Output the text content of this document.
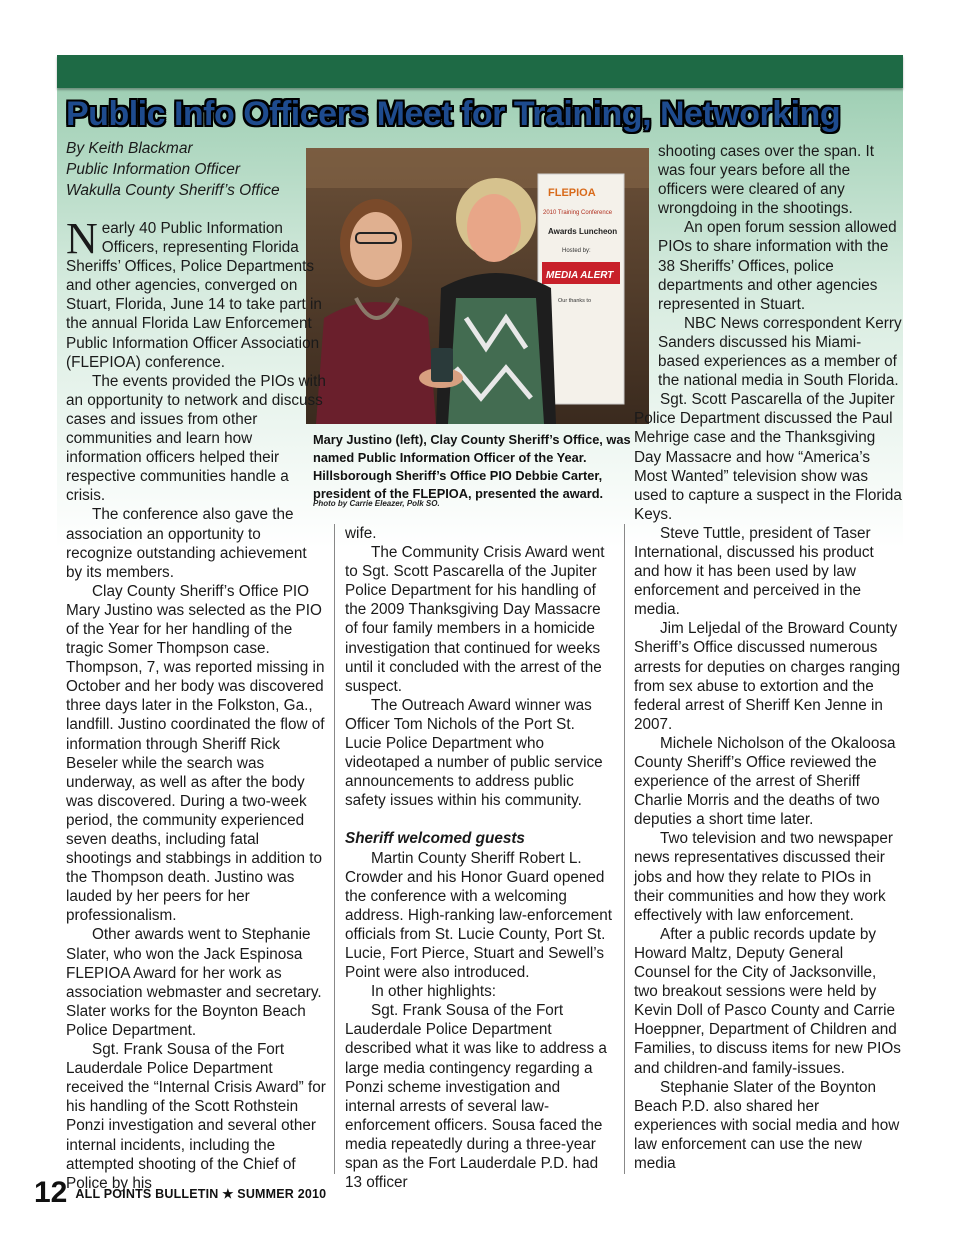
Public Info Officers Meet for Training, Networking
By Keith Blackmar
Public Information Officer
Wakulla County Sheriff’s Office	FLEPIOA
2010 Training Conference
Awards Luncheon
Hosted by:
MEDIA ALERT
Our thanks to
Mary Justino (left), Clay County Sheriff’s Office, was named Public Information Officer of the Year. Hillsborough Sheriff’s Office PIO Debbie Carter, president of the FLEPIOA, presented the award.
Photo by Carrie Eleazer, Polk SO.

Nearly 40 Public Information Officers, representing Florida Sheriffs’ Offices, Police Departments and other agencies, converged on Stuart, Florida, June 14 to take part in the annual Florida Law Enforcement Public Information Officer Association (FLEPIOA) conference.

The events provided the PIOs with an opportunity to network and discuss cases and issues from other communities and learn how information officers helped their respective communities handle a crisis.

The conference also gave the association an opportunity to recognize outstanding achievement by its members.

Clay County Sheriff’s Office PIO Mary Justino was selected as the PIO of the Year for her handling of the tragic Somer Thompson case. Thompson, 7, was reported missing in October and her body was discovered three days later in the Folkston, Ga., landfill. Justino coordinated the flow of information through Sheriff Rick Beseler while the search was underway, as well as after the body was discovered. During a two-week period, the community experienced seven deaths, including fatal shootings and stabbings in addition to the Thompson death. Justino was lauded by her peers for her professionalism.

Other awards went to Stephanie Slater, who won the Jack Espinosa FLEPIOA Award for her work as association webmaster and secretary. Slater works for the Boynton Beach Police Department.

Sgt. Frank Sousa of the Fort Lauderdale Police Department received the “Internal Crisis Award” for his handling of the Scott Rothstein Ponzi investigation and several other internal incidents, including the attempted shooting of the Chief of Police by his

wife.

The Community Crisis Award went to Sgt. Scott Pascarella of the Jupiter Police Department for his handling of the 2009 Thanksgiving Day Massacre of four family members in a homicide investigation that continued for weeks until it concluded with the arrest of the suspect.

The Outreach Award winner was Officer Tom Nichols of the Port St. Lucie Police Department who videotaped a number of public service announcements to address public safety issues within his community.

Sheriff welcomed guests

Martin County Sheriff Robert L. Crowder and his Honor Guard opened the conference with a welcoming address. High-ranking law-enforcement officials from St. Lucie County, Port St. Lucie, Fort Pierce, Stuart and Sewell’s Point were also introduced.

In other highlights:

Sgt. Frank Sousa of the Fort Lauderdale Police Department described what it was like to address a large media contingency regarding a Ponzi scheme investigation and internal arrests of several law-enforcement officers. Sousa faced the media repeatedly during a three-year span as the Fort Lauderdale P.D. had 13 officer

shooting cases over the span. It was four years before all the officers were cleared of any wrongdoing in the shootings.

An open forum session allowed PIOs to share information with the 38 Sheriffs’ Offices, police departments and other agencies represented in Stuart.

NBC News correspondent Kerry Sanders discussed his Miami-based experiences as a member of the national media in South Florida.

Sgt. Scott Pascarella of the Jupiter Police Department discussed the Paul Mehrige case and the Thanksgiving Day Massacre and how “America’s Most Wanted” television show was used to capture a suspect in the Florida Keys.

Steve Tuttle, president of Taser International, discussed his product and how it has been used by law enforcement and perceived in the media.

Jim Leljedal of the Broward County Sheriff’s Office discussed numerous arrests for deputies on charges ranging from sex abuse to extortion and the federal arrest of Sheriff Ken Jenne in 2007.

Michele Nicholson of the Okaloosa County Sheriff’s Office reviewed the experience of the arrest of Sheriff Charlie Morris and the deaths of two deputies a short time later.

Two television and two newspaper news representatives discussed their jobs and how they relate to PIOs in their communities and how they work effectively with law enforcement.

After a public records update by Howard Maltz, Deputy General Counsel for the City of Jacksonville, two breakout sessions were held by Kevin Doll of Pasco County and Carrie Hoeppner, Department of Children and Families, to discuss items for new PIOs and children-and family-issues.

Stephanie Slater of the Boynton Beach P.D. also shared her experiences with social media and how law enforcement can use the new media

12 ALL POINTS BULLETIN ★ SUMMER 2010
